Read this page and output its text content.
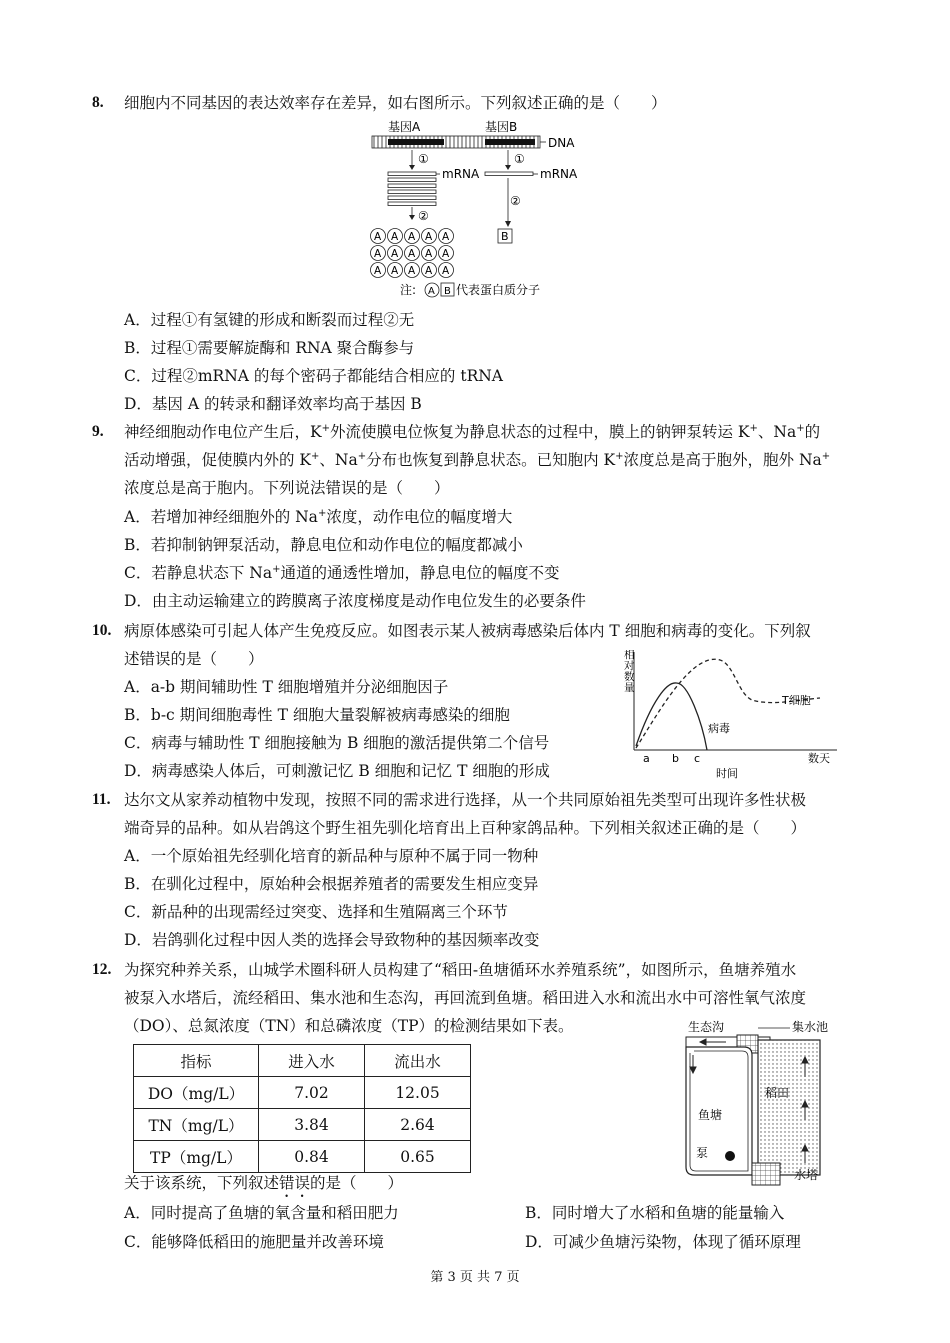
8. 细胞内不同基因的表达效率存在差异，如右图所示。下列叙述正确的是（　　）
基因A	基因B
DNA
①	①
mRNA	mRNA
②
②
A A A A A
A A A A A
A A A A A
B
注: A B 代表蛋白质分子
A．过程①有氢键的形成和断裂而过程②无
B．过程①需要解旋酶和 RNA 聚合酶参与
C．过程②mRNA 的每个密码子都能结合相应的 tRNA
D．基因 A 的转录和翻译效率均高于基因 B
9. 神经细胞动作电位产生后，K+外流使膜电位恢复为静息状态的过程中，膜上的钠钾泵转运 K+、Na+的
活动增强，促使膜内外的 K+、Na+分布也恢复到静息状态。已知胞内 K+浓度总是高于胞外，胞外 Na+
浓度总是高于胞内。下列说法错误的是（　　）
A．若增加神经细胞外的 Na+浓度，动作电位的幅度增大
B．若抑制钠钾泵活动，静息电位和动作电位的幅度都减小
C．若静息状态下 Na+通道的通透性增加，静息电位的幅度不变
D．由主动运输建立的跨膜离子浓度梯度是动作电位发生的必要条件
10. 病原体感染可引起人体产生免疫反应。如图表示某人被病毒感染后体内 T 细胞和病毒的变化。下列叙
述错误的是（　　）
A．a-b 期间辅助性 T 细胞增殖并分泌细胞因子
B．b-c 期间细胞毒性 T 细胞大量裂解被病毒感染的细胞
C．病毒与辅助性 T 细胞接触为 B 细胞的激活提供第二个信号
D．病毒感染人体后，可刺激记忆 B 细胞和记忆 T 细胞的形成
相对数量
T细胞
病毒
a b c	数天
时间
11. 达尔文从家养动植物中发现，按照不同的需求进行选择，从一个共同原始祖先类型可出现许多性状极
端奇异的品种。如从岩鸽这个野生祖先驯化培育出上百种家鸽品种。下列相关叙述正确的是（　　）
A．一个原始祖先经驯化培育的新品种与原种不属于同一物种
B．在驯化过程中，原始种会根据养殖者的需要发生相应变异
C．新品种的出现需经过突变、选择和生殖隔离三个环节
D．岩鸽驯化过程中因人类的选择会导致物种的基因频率改变
12. 为探究种养关系，山城学术圈科研人员构建了“稻田-鱼塘循环水养殖系统”，如图所示，鱼塘养殖水
被泵入水塔后，流经稻田、集水池和生态沟，再回流到鱼塘。稻田进入水和流出水中可溶性氧气浓度
（DO）、总氮浓度（TN）和总磷浓度（TP）的检测结果如下表。
指标	进入水	流出水
DO（mg/L）	7.02	12.05
TN（mg/L）	3.84	2.64
TP（mg/L）	0.84	0.65
生态沟	集水池
稻田
鱼塘
泵
水塔
关于该系统，下列叙述错误的是（　　）
A．同时提高了鱼塘的氧含量和稻田肥力	B．同时增大了水稻和鱼塘的能量输入
C．能够降低稻田的施肥量并改善环境	D．可减少鱼塘污染物，体现了循环原理
第 3 页 共 7 页
